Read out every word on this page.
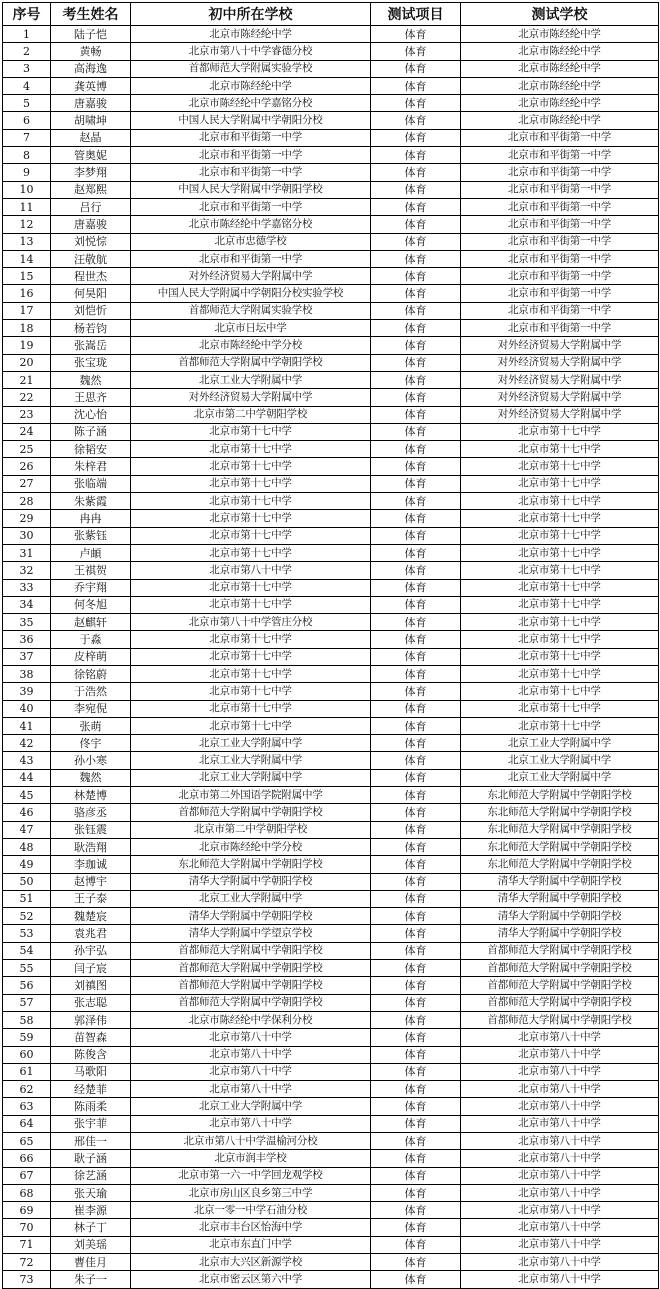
序号	考生姓名	初中所在学校	测试项目	测试学校
1	陆子恺	北京市陈经纶中学	体育	北京市陈经纶中学
2	黄畅	北京市第八十中学睿德分校	体育	北京市陈经纶中学
3	高海逸	首都师范大学附属实验学校	体育	北京市陈经纶中学
4	龚英博	北京市陈经纶中学	体育	北京市陈经纶中学
5	唐嘉骏	北京市陈经纶中学嘉铭分校	体育	北京市陈经纶中学
6	胡啸坤	中国人民大学附属中学朝阳分校	体育	北京市陈经纶中学
7	赵晶	北京市和平街第一中学	体育	北京市和平街第一中学
8	管奥妮	北京市和平街第一中学	体育	北京市和平街第一中学
9	李梦翔	北京市和平街第一中学	体育	北京市和平街第一中学
10	赵郑熙	中国人民大学附属中学朝阳学校	体育	北京市和平街第一中学
11	吕行	北京市和平街第一中学	体育	北京市和平街第一中学
12	唐嘉骏	北京市陈经纶中学嘉铭分校	体育	北京市和平街第一中学
13	刘悦悰	北京市忠德学校	体育	北京市和平街第一中学
14	汪敬航	北京市和平街第一中学	体育	北京市和平街第一中学
15	程世杰	对外经济贸易大学附属中学	体育	北京市和平街第一中学
16	何昊阳	中国人民大学附属中学朝阳分校实验学校	体育	北京市和平街第一中学
17	刘恺忻	首都师范大学附属实验学校	体育	北京市和平街第一中学
18	杨若钧	北京市日坛中学	体育	北京市和平街第一中学
19	张嵩岳	北京市陈经纶中学分校	体育	对外经济贸易大学附属中学
20	张宝珑	首都师范大学附属中学朝阳学校	体育	对外经济贸易大学附属中学
21	魏然	北京工业大学附属中学	体育	对外经济贸易大学附属中学
22	王思齐	对外经济贸易大学附属中学	体育	对外经济贸易大学附属中学
23	沈心怡	北京市第二中学朝阳学校	体育	对外经济贸易大学附属中学
24	陈子涵	北京市第十七中学	体育	北京市第十七中学
25	徐韬安	北京市第十七中学	体育	北京市第十七中学
26	朱梓君	北京市第十七中学	体育	北京市第十七中学
27	张临端	北京市第十七中学	体育	北京市第十七中学
28	朱紫霞	北京市第十七中学	体育	北京市第十七中学
29	冉冉	北京市第十七中学	体育	北京市第十七中学
30	张紫钰	北京市第十七中学	体育	北京市第十七中学
31	卢頔	北京市第十七中学	体育	北京市第十七中学
32	王祺贺	北京市第八十中学	体育	北京市第十七中学
33	乔宇翔	北京市第十七中学	体育	北京市第十七中学
34	何冬旭	北京市第十七中学	体育	北京市第十七中学
35	赵麒轩	北京市第八十中学管庄分校	体育	北京市第十七中学
36	于淼	北京市第十七中学	体育	北京市第十七中学
37	皮梓萌	北京市第十七中学	体育	北京市第十七中学
38	徐铭蔚	北京市第十七中学	体育	北京市第十七中学
39	于浩然	北京市第十七中学	体育	北京市第十七中学
40	李宛倪	北京市第十七中学	体育	北京市第十七中学
41	张萌	北京市第十七中学	体育	北京市第十七中学
42	佟宇	北京工业大学附属中学	体育	北京工业大学附属中学
43	孙小寒	北京工业大学附属中学	体育	北京工业大学附属中学
44	魏然	北京工业大学附属中学	体育	北京工业大学附属中学
45	林楚博	北京市第二外国语学院附属中学	体育	东北师范大学附属中学朝阳学校
46	骆彦丞	首都师范大学附属中学朝阳学校	体育	东北师范大学附属中学朝阳学校
47	张钰震	北京市第二中学朝阳学校	体育	东北师范大学附属中学朝阳学校
48	耿浩翔	北京市陈经纶中学分校	体育	东北师范大学附属中学朝阳学校
49	李珈诚	东北师范大学附属中学朝阳学校	体育	东北师范大学附属中学朝阳学校
50	赵博宇	清华大学附属中学朝阳学校	体育	清华大学附属中学朝阳学校
51	王子泰	北京工业大学附属中学	体育	清华大学附属中学朝阳学校
52	魏楚宸	清华大学附属中学朝阳学校	体育	清华大学附属中学朝阳学校
53	袁兆君	清华大学附属中学望京学校	体育	清华大学附属中学朝阳学校
54	孙宇弘	首都师范大学附属中学朝阳学校	体育	首都师范大学附属中学朝阳学校
55	闫子宸	首都师范大学附属中学朝阳学校	体育	首都师范大学附属中学朝阳学校
56	刘禛图	首都师范大学附属中学朝阳学校	体育	首都师范大学附属中学朝阳学校
57	张志聪	首都师范大学附属中学朝阳学校	体育	首都师范大学附属中学朝阳学校
58	郭泽伟	北京市陈经纶中学保利分校	体育	首都师范大学附属中学朝阳学校
59	苗智森	北京市第八十中学	体育	北京市第八十中学
60	陈俊含	北京市第八十中学	体育	北京市第八十中学
61	马歌阳	北京市第八十中学	体育	北京市第八十中学
62	经楚菲	北京市第八十中学	体育	北京市第八十中学
63	陈雨柔	北京工业大学附属中学	体育	北京市第八十中学
64	张宇菲	北京市第八十中学	体育	北京市第八十中学
65	邢佳一	北京市第八十中学温榆河分校	体育	北京市第八十中学
66	耿子涵	北京市润丰学校	体育	北京市第八十中学
67	徐艺涵	北京市第一六一中学回龙观学校	体育	北京市第八十中学
68	张天瑜	北京市房山区良乡第三中学	体育	北京市第八十中学
69	崔李源	北京一零一中学石油分校	体育	北京市第八十中学
70	林子丁	北京市丰台区怡海中学	体育	北京市第八十中学
71	刘美瑶	北京市东直门中学	体育	北京市第八十中学
72	曹佳月	北京市大兴区新源学校	体育	北京市第八十中学
73	朱子一	北京市密云区第六中学	体育	北京市第八十中学
